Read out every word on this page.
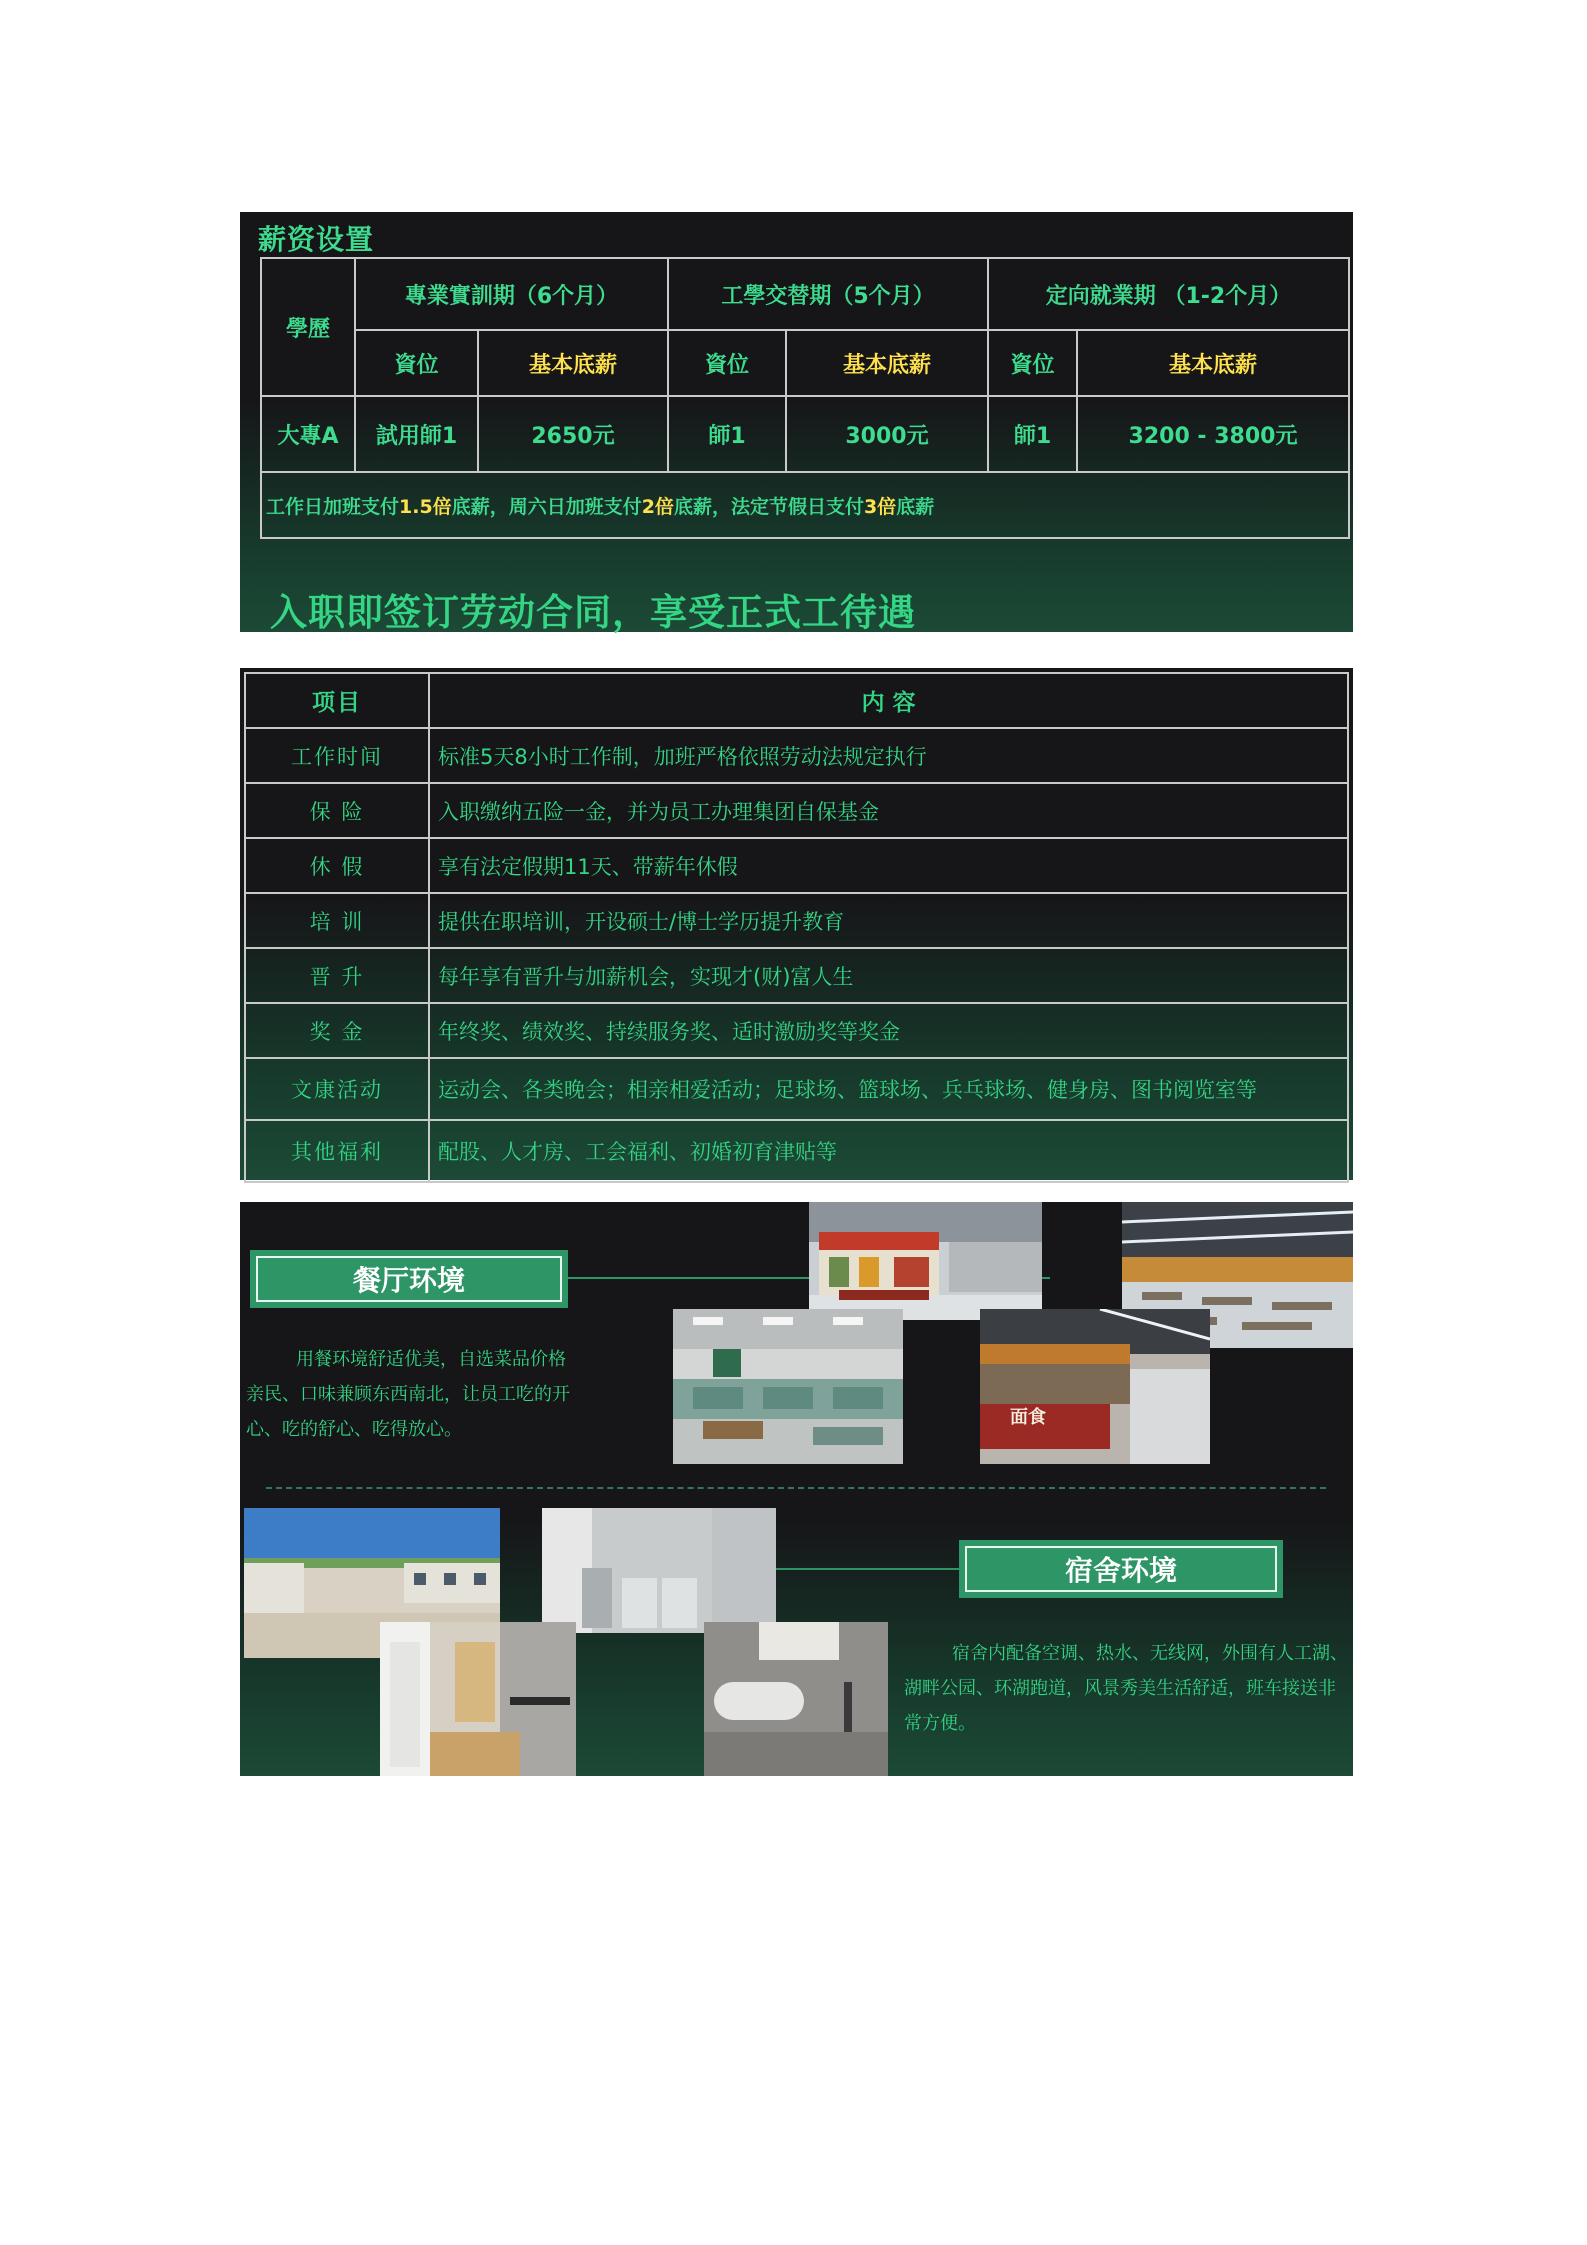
薪资设置
學歷	專業實訓期（6个月）		工學交替期（5个月）		定向就業期 （1-2个月）	
	資位	基本底薪	資位	基本底薪	資位	基本底薪
大專A	試用師1	2650元	師1	3000元	師1	3200 - 3800元
工作日加班支付1.5倍底薪，周六日加班支付2倍底薪，法定节假日支付3倍底薪						

入职即签订劳动合同，享受正式工待遇

项目	内 容
工作时间	标准5天8小时工作制，加班严格依照劳动法规定执行
保 险	入职缴纳五险一金，并为员工办理集团自保基金
休 假	享有法定假期11天、带薪年休假
培 训	提供在职培训，开设硕士/博士学历提升教育
晋 升	每年享有晋升与加薪机会，实现才(财)富人生
奖 金	年终奖、绩效奖、持续服务奖、适时激励奖等奖金
文康活动	运动会、各类晚会；相亲相爱活动；足球场、篮球场、兵乓球场、健身房、图书阅览室等
其他福利	配股、人才房、工会福利、初婚初育津贴等
餐厅环境

用餐环境舒适优美，自选菜品价格亲民、口味兼顾东西南北，让员工吃的开心、吃的舒心、吃得放心。

面食
宿舍环境

宿舍内配备空调、热水、无线网，外围有人工湖、湖畔公园、环湖跑道，风景秀美生活舒适，班车接送非常方便。
